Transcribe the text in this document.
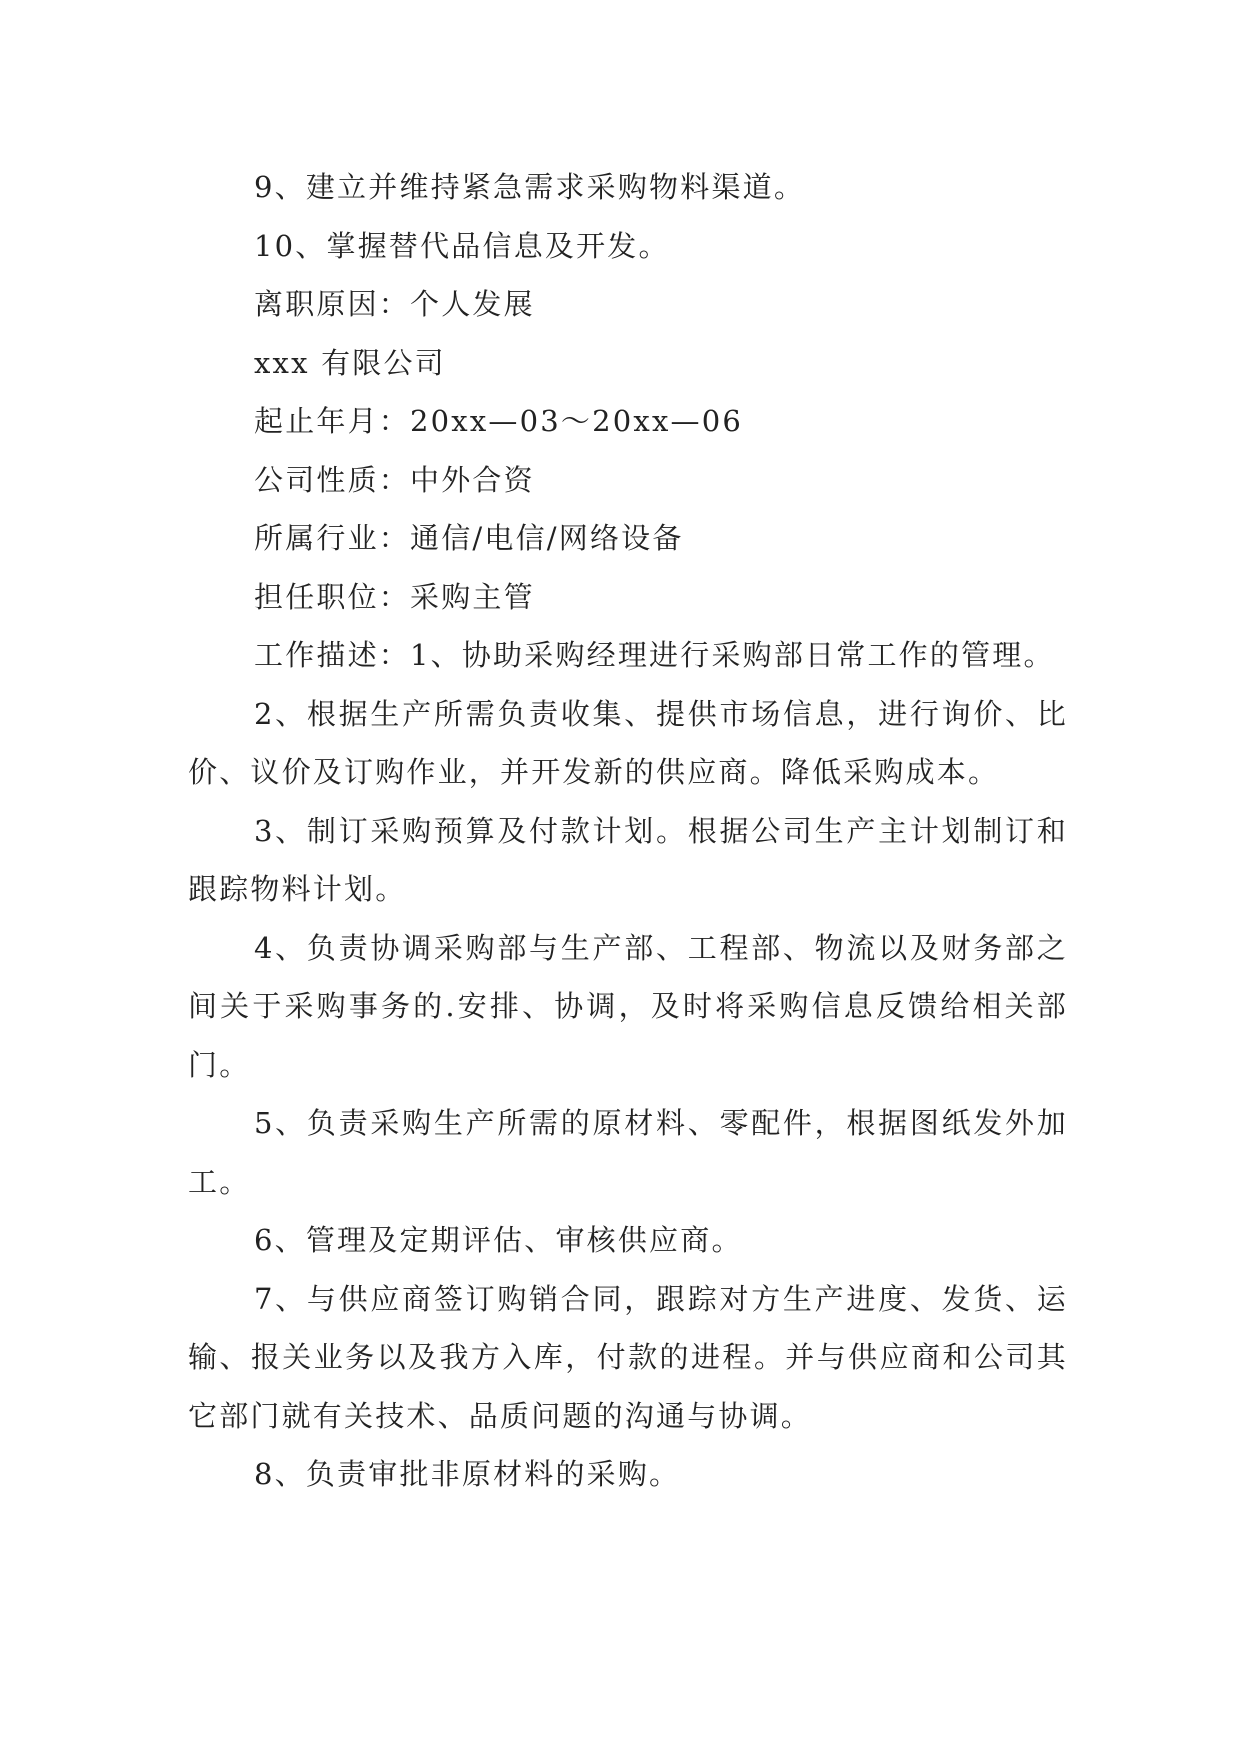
9、建立并维持紧急需求采购物料渠道。

10、掌握替代品信息及开发。

离职原因：个人发展

xxx 有限公司

起止年月：20xx—03～20xx—06

公司性质：中外合资

所属行业：通信/电信/网络设备

担任职位：采购主管

工作描述：1、协助采购经理进行采购部日常工作的管理。

2、根据生产所需负责收集、提供市场信息，进行询价、比价、议价及订购作业，并开发新的供应商。降低采购成本。

3、制订采购预算及付款计划。根据公司生产主计划制订和跟踪物料计划。

4、负责协调采购部与生产部、工程部、物流以及财务部之间关于采购事务的.安排、协调，及时将采购信息反馈给相关部门。

5、负责采购生产所需的原材料、零配件，根据图纸发外加工。

6、管理及定期评估、审核供应商。

7、与供应商签订购销合同，跟踪对方生产进度、发货、运输、报关业务以及我方入库，付款的进程。并与供应商和公司其它部门就有关技术、品质问题的沟通与协调。

8、负责审批非原材料的采购。
